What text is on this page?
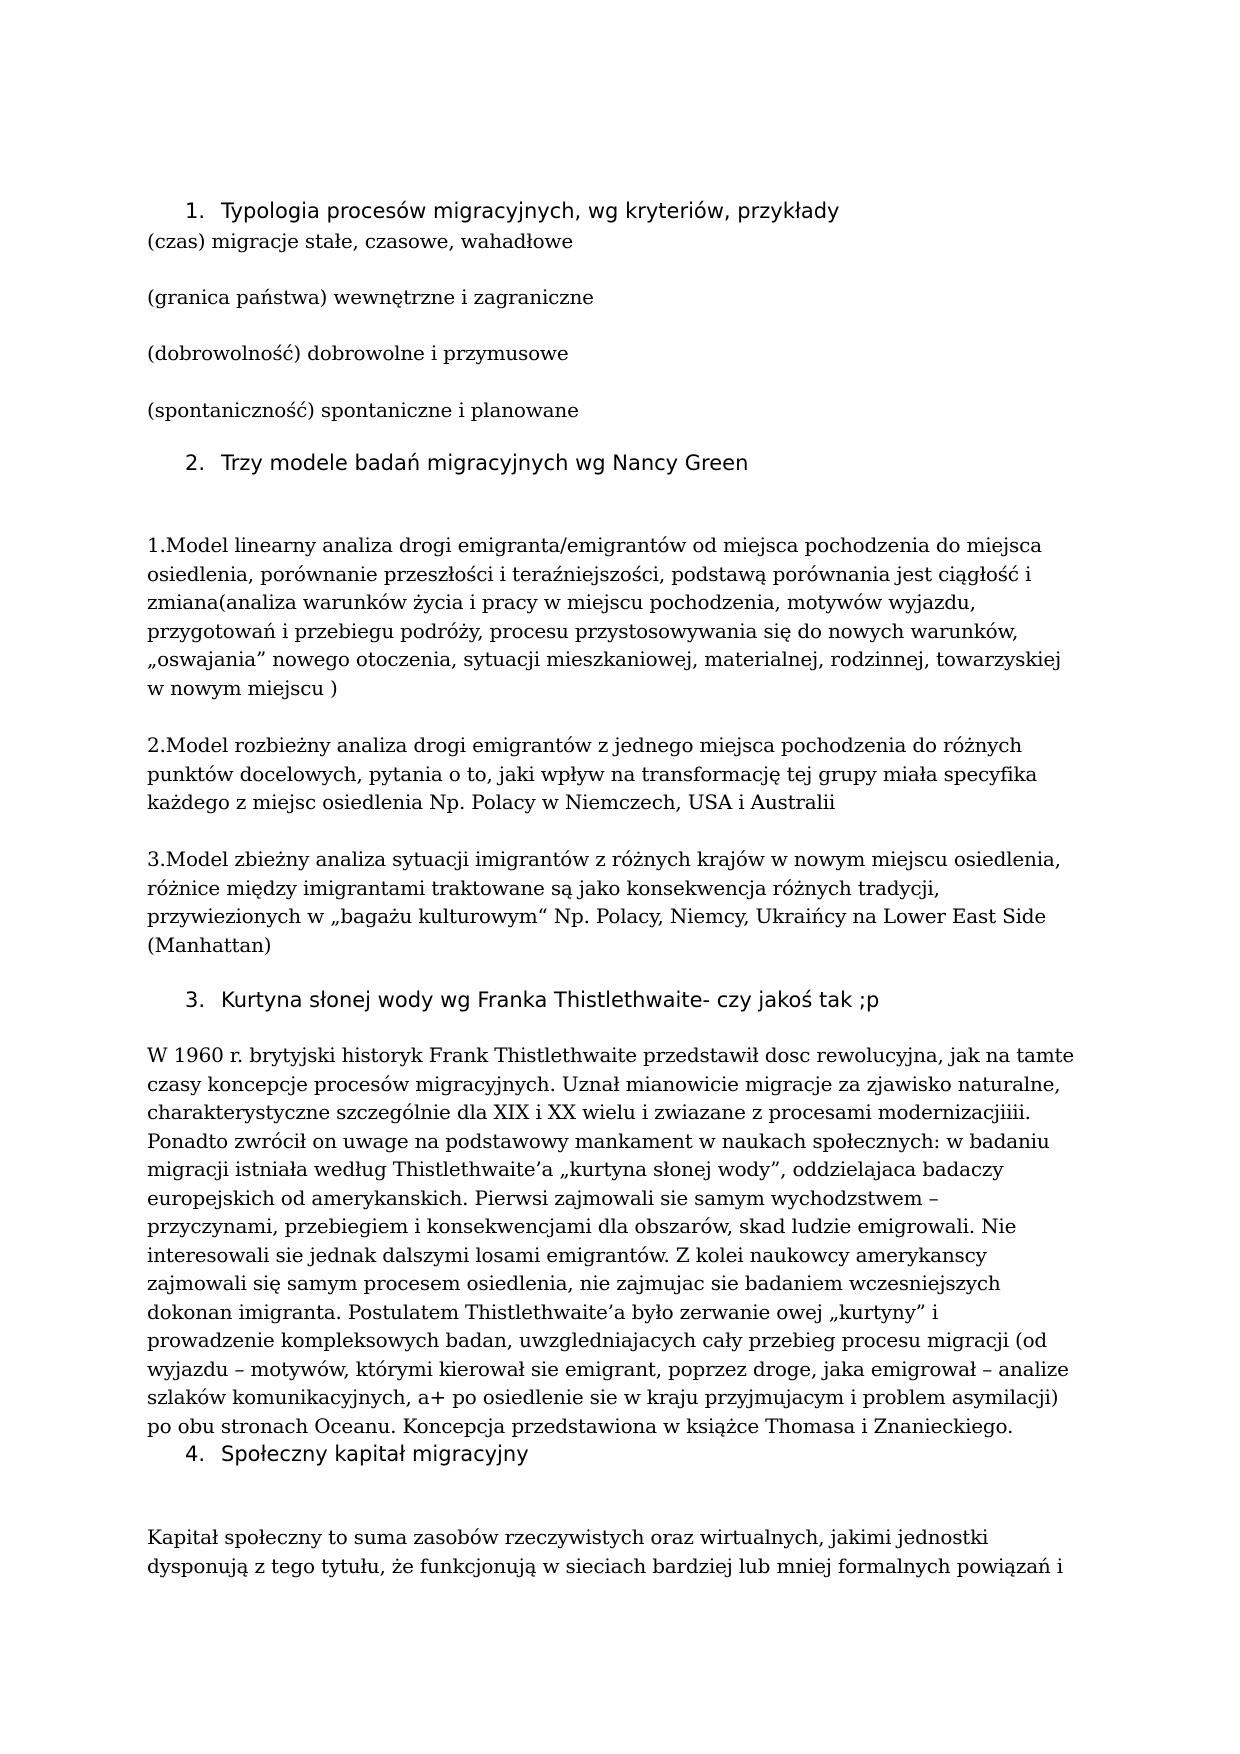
1. Typologia procesów migracyjnych, wg kryteriów, przykłady

(czas) migracje stałe, czasowe, wahadłowe

(granica państwa) wewnętrzne i zagraniczne

(dobrowolność) dobrowolne i przymusowe

(spontaniczność) spontaniczne i planowane

2. Trzy modele badań migracyjnych wg Nancy Green

1.Model linearny analiza drogi emigranta/emigrantów od miejsca pochodzenia do miejsca
osiedlenia, porównanie przeszłości i teraźniejszości, podstawą porównania jest ciągłość i
zmiana(analiza warunków życia i pracy w miejscu pochodzenia, motywów wyjazdu,
przygotowań i przebiegu podróży, procesu przystosowywania się do nowych warunków,
„oswajania” nowego otoczenia, sytuacji mieszkaniowej, materialnej, rodzinnej, towarzyskiej
w nowym miejscu )

2.Model rozbieżny analiza drogi emigrantów z jednego miejsca pochodzenia do różnych
punktów docelowych, pytania o to, jaki wpływ na transformację tej grupy miała specyfika
każdego z miejsc osiedlenia Np. Polacy w Niemczech, USA i Australii

3.Model zbieżny analiza sytuacji imigrantów z różnych krajów w nowym miejscu osiedlenia,
różnice między imigrantami traktowane są jako konsekwencja różnych tradycji,
przywiezionych w „bagażu kulturowym“ Np. Polacy, Niemcy, Ukraińcy na Lower East Side
(Manhattan)

3. Kurtyna słonej wody wg Franka Thistlethwaite- czy jakoś tak ;p

W 1960 r. brytyjski historyk Frank Thistlethwaite przedstawił dosc rewolucyjna, jak na tamte
czasy koncepcje procesów migracyjnych. Uznał mianowicie migracje za zjawisko naturalne,
charakterystyczne szczególnie dla XIX i XX wielu i zwiazane z procesami modernizacjiiii.
Ponadto zwrócił on uwage na podstawowy mankament w naukach społecznych: w badaniu
migracji istniała według Thistlethwaite’a „kurtyna słonej wody”, oddzielajaca badaczy
europejskich od amerykanskich. Pierwsi zajmowali sie samym wychodzstwem –
przyczynami, przebiegiem i konsekwencjami dla obszarów, skad ludzie emigrowali. Nie
interesowali sie jednak dalszymi losami emigrantów. Z kolei naukowcy amerykanscy
zajmowali się samym procesem osiedlenia, nie zajmujac sie badaniem wczesniejszych
dokonan imigranta. Postulatem Thistlethwaite’a było zerwanie owej „kurtyny” i
prowadzenie kompleksowych badan, uwzgledniajacych cały przebieg procesu migracji (od
wyjazdu – motywów, którymi kierował sie emigrant, poprzez droge, jaka emigrował – analize
szlaków komunikacyjnych, a+ po osiedlenie sie w kraju przyjmujacym i problem asymilacji)
po obu stronach Oceanu. Koncepcja przedstawiona w książce Thomasa i Znanieckiego.

4. Społeczny kapitał migracyjny

Kapitał społeczny to suma zasobów rzeczywistych oraz wirtualnych, jakimi jednostki
dysponują z tego tytułu, że funkcjonują w sieciach bardziej lub mniej formalnych powiązań i
